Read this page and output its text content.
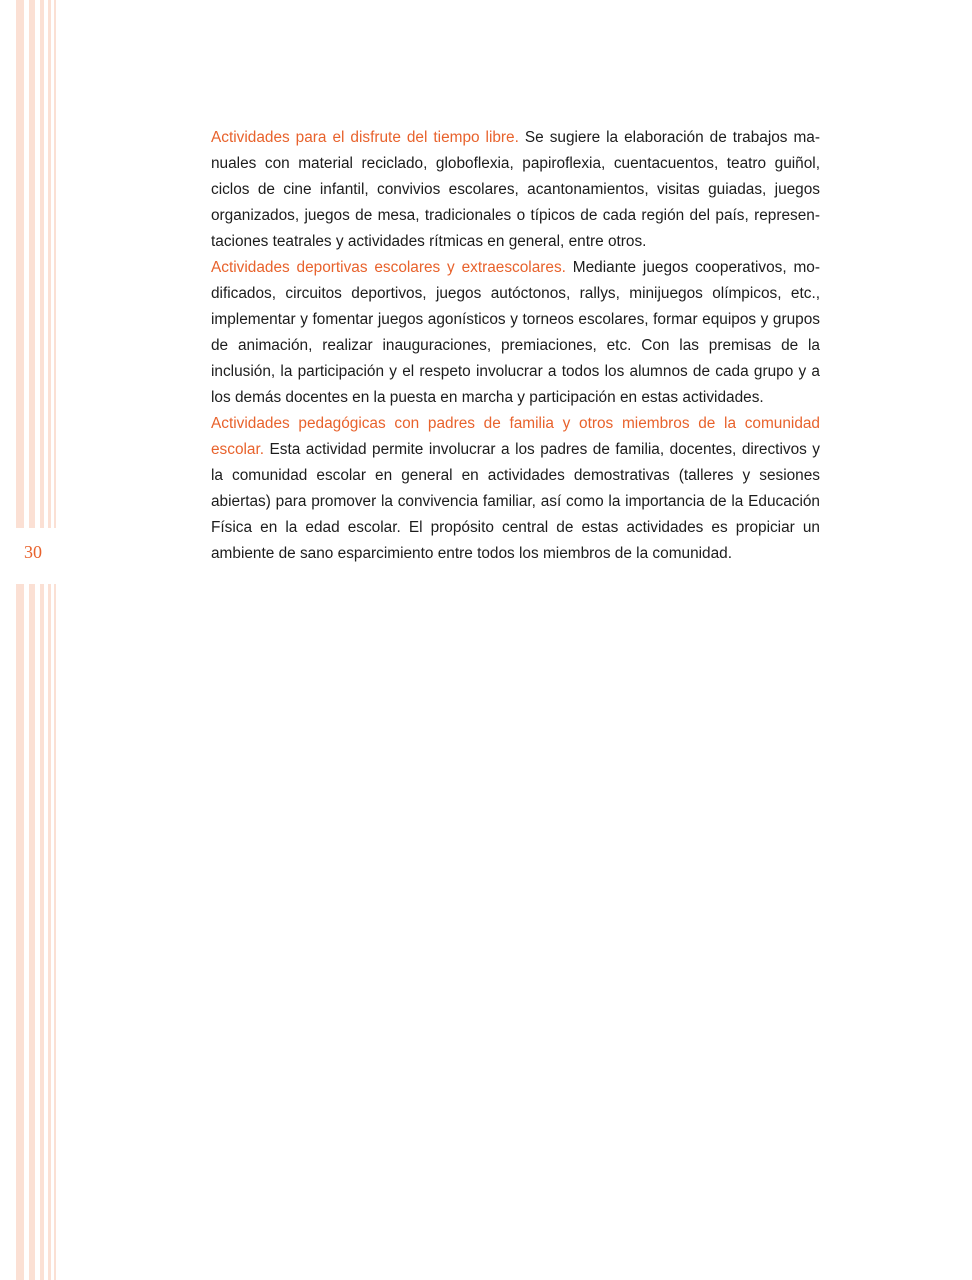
30

Actividades para el disfrute del tiempo libre. Se sugiere la elaboración de trabajos manuales con material reciclado, globoflexia, papiroflexia, cuentacuentos, teatro guiñol, ciclos de cine infantil, convivios escolares, acantonamientos, visitas guiadas, juegos organizados, juegos de mesa, tradicionales o típicos de cada región del país, representaciones teatrales y actividades rítmicas en general, entre otros.

Actividades deportivas escolares y extraescolares. Mediante juegos cooperativos, modificados, circuitos deportivos, juegos autóctonos, rallys, minijuegos olímpicos, etc., implementar y fomentar juegos agonísticos y torneos escolares, formar equipos y grupos de animación, realizar inauguraciones, premiaciones, etc. Con las premisas de la inclusión, la participación y el respeto involucrar a todos los alumnos de cada grupo y a los demás docentes en la puesta en marcha y participación en estas actividades.

Actividades pedagógicas con padres de familia y otros miembros de la comunidad escolar. Esta actividad permite involucrar a los padres de familia, docentes, directivos y la comunidad escolar en general en actividades demostrativas (talleres y sesiones abiertas) para promover la convivencia familiar, así como la importancia de la Educación Física en la edad escolar. El propósito central de estas actividades es propiciar un ambiente de sano esparcimiento entre todos los miembros de la comunidad.
